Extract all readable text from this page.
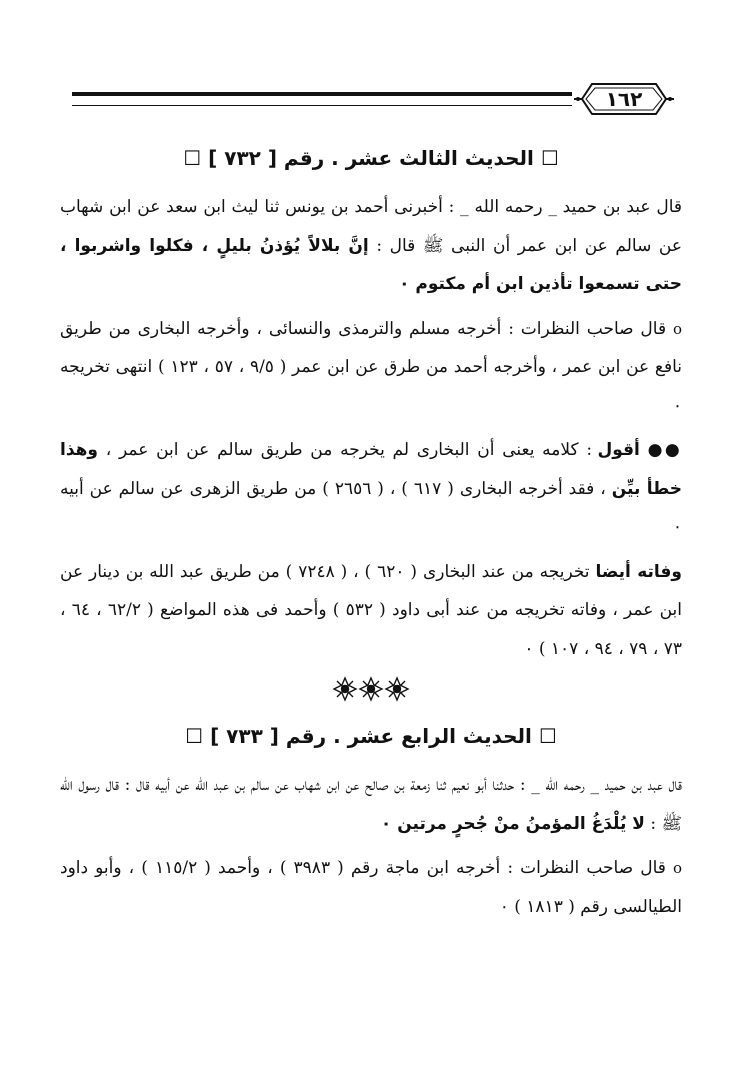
١٦٢
☐ الحديث الثالث عشر . رقم [ ٧٣٢ ] ☐

قال عبد بن حميد _ رحمه الله _ : أخبرنى أحمد بن يونس ثنا ليث ابن سعد عن ابن شهاب عن سالم عن ابن عمر أن النبى ﷺ قال : إنَّ بلالاً يُؤذنُ بليلٍ ، فكلوا واشربوا ، حتى تسمعوا تأذين ابن أم مكتوم ٠

o قال صاحب النظرات : أخرجه مسلم والترمذى والنسائى ، وأخرجه البخارى من طريق نافع عن ابن عمر ، وأخرجه أحمد من طرق عن ابن عمر ( ٩/٥ ، ٥٧ ، ١٢٣ ) انتهى تخريجه ٠

●● أقول : كلامه يعنى أن البخارى لم يخرجه من طريق سالم عن ابن عمر ، وهذا خطأ بيِّن ، فقد أخرجه البخارى ( ٦١٧ ) ، ( ٢٦٥٦ ) من طريق الزهرى عن سالم عن أبيه ٠

وفاته أيضا تخريجه من عند البخارى ( ٦٢٠ ) ، ( ٧٢٤٨ ) من طريق عبد الله بن دينار عن ابن عمر ، وفاته تخريجه من عند أبى داود ( ٥٣٢ ) وأحمد فى هذه المواضع ( ٦٢/٢ ، ٦٤ ، ٧٣ ، ٧٩ ، ٩٤ ، ١٠٧ ) ٠

☐ الحديث الرابع عشر . رقم [ ٧٣٣ ] ☐

قال عبد بن حميد _ رحمه الله _ : حدثنا أبو نعيم ثنا زمعة بن صالح عن ابن شهاب عن سالم بن عبد الله عن أبيه قال : قال رسول الله ﷺ : لا يُلْدَغُ المؤمنُ منْ جُحرٍ مرتين ٠

o قال صاحب النظرات : أخرجه ابن ماجة رقم ( ٣٩٨٣ ) ، وأحمد ( ١١٥/٢ ) ، وأبو داود الطيالسى رقم ( ١٨١٣ ) ٠
